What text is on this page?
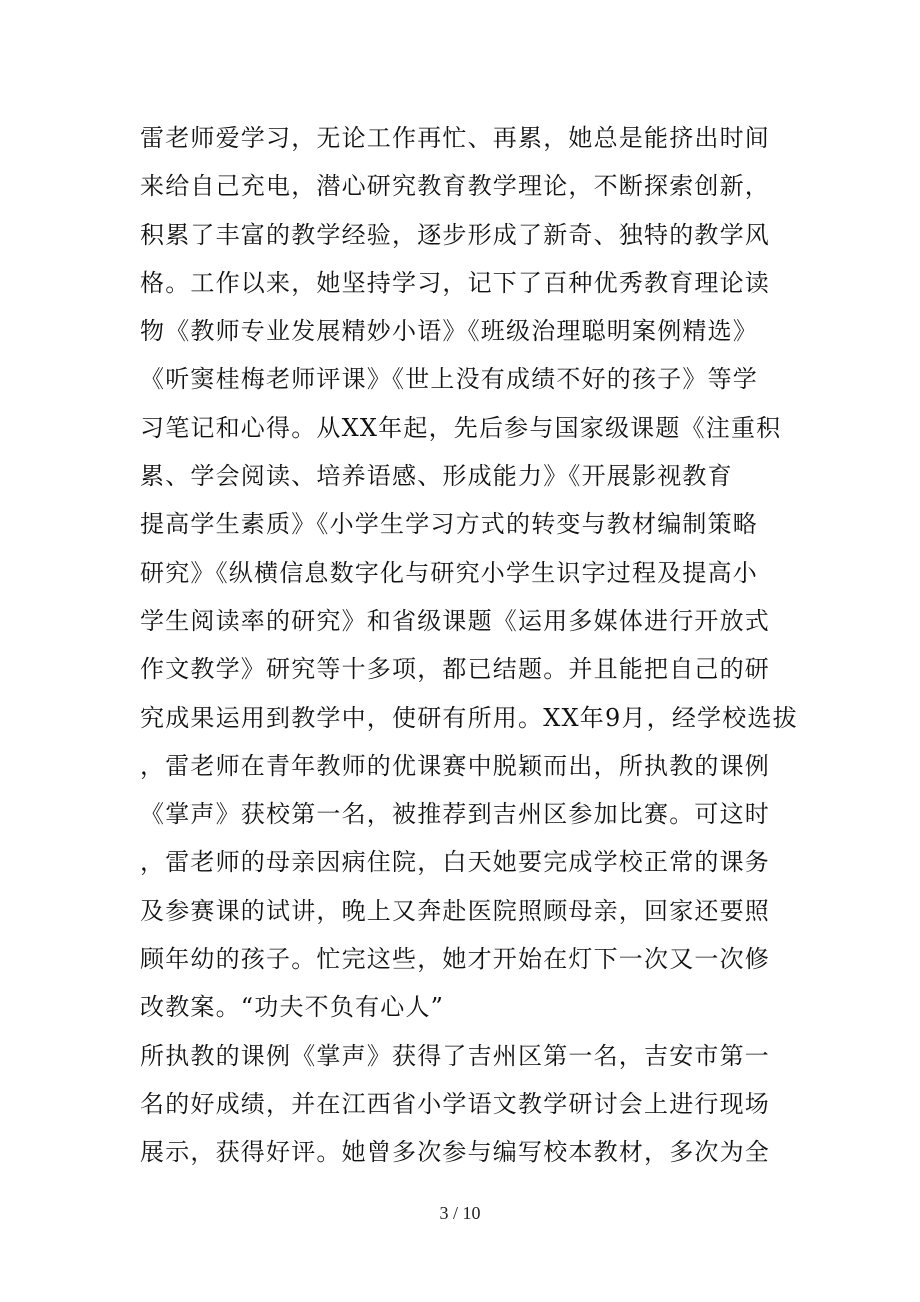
雷老师爱学习，无论工作再忙、再累，她总是能挤出时间
来给自己充电，潜心研究教育教学理论，不断探索创新，
积累了丰富的教学经验，逐步形成了新奇、独特的教学风
格。工作以来，她坚持学习，记下了百种优秀教育理论读
物《教师专业发展精妙小语》《班级治理聪明案例精选》
《听窦桂梅老师评课》《世上没有成绩不好的孩子》等学
习笔记和心得。从XX年起，先后参与国家级课题《注重积
累、学会阅读、培养语感、形成能力》《开展影视教育
提高学生素质》《小学生学习方式的转变与教材编制策略
研究》《纵横信息数字化与研究小学生识字过程及提高小
学生阅读率的研究》和省级课题《运用多媒体进行开放式
作文教学》研究等十多项，都已结题。并且能把自己的研
究成果运用到教学中，使研有所用。XX年9月，经学校选拔
，雷老师在青年教师的优课赛中脱颖而出，所执教的课例
《掌声》获校第一名，被推荐到吉州区参加比赛。可这时
，雷老师的母亲因病住院，白天她要完成学校正常的课务
及参赛课的试讲，晚上又奔赴医院照顾母亲，回家还要照
顾年幼的孩子。忙完这些，她才开始在灯下一次又一次修
改教案。“功夫不负有心人”
所执教的课例《掌声》获得了吉州区第一名，吉安市第一
名的好成绩，并在江西省小学语文教学研讨会上进行现场
展示，获得好评。她曾多次参与编写校本教材，多次为全
3 / 10
